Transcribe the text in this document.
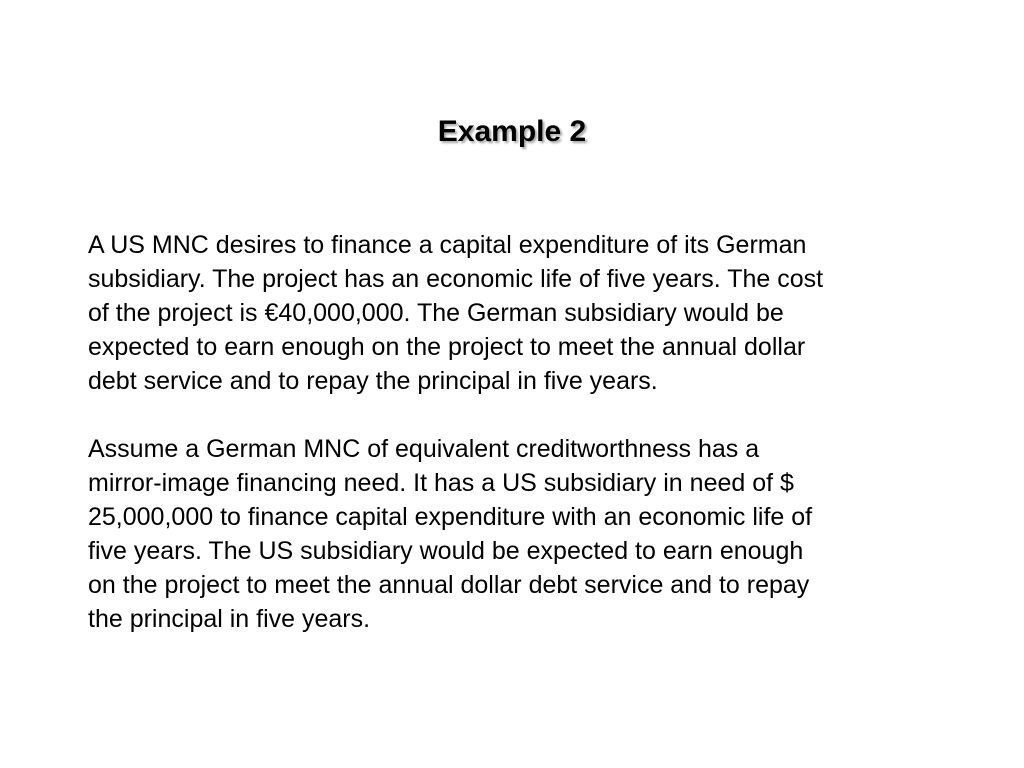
Example 2

A US MNC desires to finance a capital expenditure of its German
subsidiary. The project has an economic life of five years. The cost
of the project is €40,000,000. The German subsidiary would be
expected to earn enough on the project to meet the annual dollar
debt service and to repay the principal in five years.

Assume a German MNC of equivalent creditworthness has a
mirror-image financing need. It has a US subsidiary in need of $
25,000,000 to finance capital expenditure with an economic life of
five years. The US subsidiary would be expected to earn enough
on the project to meet the annual dollar debt service and to repay
the principal in five years.
